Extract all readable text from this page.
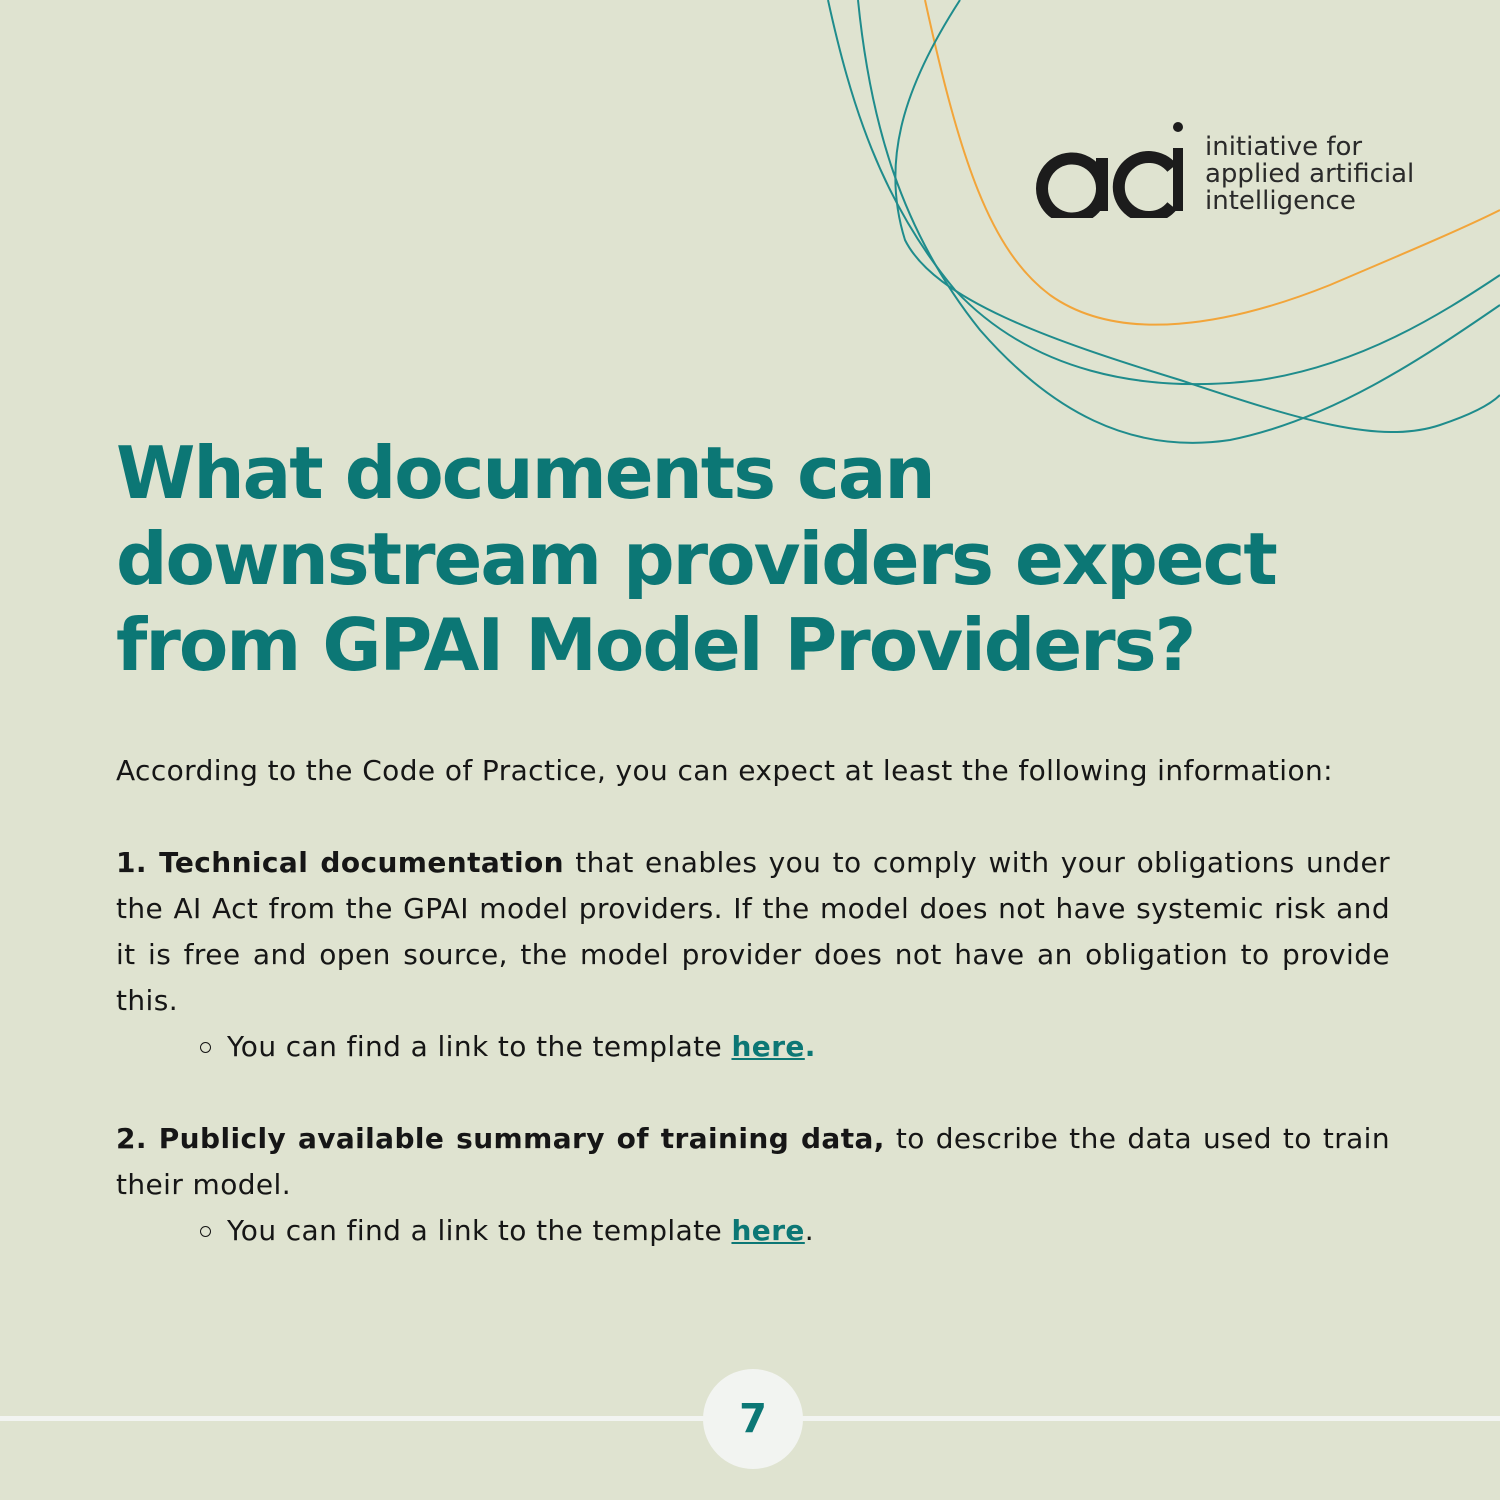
initiative for
applied artificial
intelligence
What documents can
downstream providers expect
from GPAI Model Providers?

According to the Code of Practice, you can expect at least the following information:

1. Technical documentation that enables you to comply with your obligations under the AI Act from the GPAI model providers. If the model does not have systemic risk and it is free and open source, the model provider does not have an obligation to provide this.

You can find a link to the template
here .

2. Publicly available summary of training data, to describe the data used to train their model.

You can find a link to the template
here .
7
